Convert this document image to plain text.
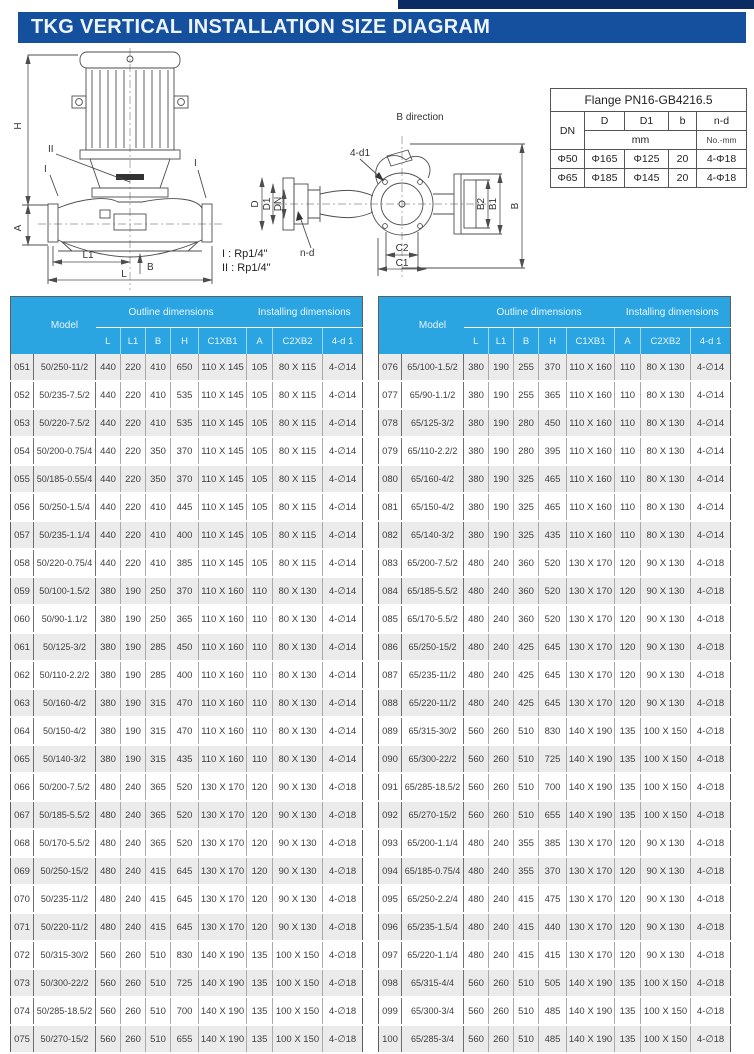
TKG VERTICAL INSTALLATION SIZE DIAGRAM
H
A
II
I
I
L1
L
B
B direction
D D1 DN
4-d1
n-d
B2 B1 B
C2
C1
I : Rp1/4"
II : Rp1/4"
Flange PN16-GB4216.5				
DN	D	D1	b	n-d
	mm			No.-mm
Φ50	Φ165	Φ125	20	4-Φ18
Φ65	Φ185	Φ145	20	4-Φ18
	Model	Outline dimensions					Installing dimensions		
		L	L1	B	H	C1XB1	A	C2XB2	4-d 1
051	50/250-11/2	440	220	410	650	110 X 145	105	80 X 115	4-∅14
052	50/235-7.5/2	440	220	410	535	110 X 145	105	80 X 115	4-∅14
053	50/220-7.5/2	440	220	410	535	110 X 145	105	80 X 115	4-∅14
054	50/200-0.75/4	440	220	350	370	110 X 145	105	80 X 115	4-∅14
055	50/185-0.55/4	440	220	350	370	110 X 145	105	80 X 115	4-∅14
056	50/250-1.5/4	440	220	410	445	110 X 145	105	80 X 115	4-∅14
057	50/235-1.1/4	440	220	410	400	110 X 145	105	80 X 115	4-∅14
058	50/220-0.75/4	440	220	410	385	110 X 145	105	80 X 115	4-∅14
059	50/100-1.5/2	380	190	250	370	110 X 160	110	80 X 130	4-∅14
060	50/90-1.1/2	380	190	250	365	110 X 160	110	80 X 130	4-∅14
061	50/125-3/2	380	190	285	450	110 X 160	110	80 X 130	4-∅14
062	50/110-2.2/2	380	190	285	400	110 X 160	110	80 X 130	4-∅14
063	50/160-4/2	380	190	315	470	110 X 160	110	80 X 130	4-∅14
064	50/150-4/2	380	190	315	470	110 X 160	110	80 X 130	4-∅14
065	50/140-3/2	380	190	315	435	110 X 160	110	80 X 130	4-∅14
066	50/200-7.5/2	480	240	365	520	130 X 170	120	90 X 130	4-∅18
067	50/185-5.5/2	480	240	365	520	130 X 170	120	90 X 130	4-∅18
068	50/170-5.5/2	480	240	365	520	130 X 170	120	90 X 130	4-∅18
069	50/250-15/2	480	240	415	645	130 X 170	120	90 X 130	4-∅18
070	50/235-11/2	480	240	415	645	130 X 170	120	90 X 130	4-∅18
071	50/220-11/2	480	240	415	645	130 X 170	120	90 X 130	4-∅18
072	50/315-30/2	560	260	510	830	140 X 190	135	100 X 150	4-∅18
073	50/300-22/2	560	260	510	725	140 X 190	135	100 X 150	4-∅18
074	50/285-18.5/2	560	260	510	700	140 X 190	135	100 X 150	4-∅18
075	50/270-15/2	560	260	510	655	140 X 190	135	100 X 150	4-∅18
	Model	Outline dimensions					Installing dimensions		
		L	L1	B	H	C1XB1	A	C2XB2	4-d 1
076	65/100-1.5/2	380	190	255	370	110 X 160	110	80 X 130	4-∅14
077	65/90-1.1/2	380	190	255	365	110 X 160	110	80 X 130	4-∅14
078	65/125-3/2	380	190	280	450	110 X 160	110	80 X 130	4-∅14
079	65/110-2.2/2	380	190	280	395	110 X 160	110	80 X 130	4-∅14
080	65/160-4/2	380	190	325	465	110 X 160	110	80 X 130	4-∅14
081	65/150-4/2	380	190	325	465	110 X 160	110	80 X 130	4-∅14
082	65/140-3/2	380	190	325	435	110 X 160	110	80 X 130	4-∅14
083	65/200-7.5/2	480	240	360	520	130 X 170	120	90 X 130	4-∅18
084	65/185-5.5/2	480	240	360	520	130 X 170	120	90 X 130	4-∅18
085	65/170-5.5/2	480	240	360	520	130 X 170	120	90 X 130	4-∅18
086	65/250-15/2	480	240	425	645	130 X 170	120	90 X 130	4-∅18
087	65/235-11/2	480	240	425	645	130 X 170	120	90 X 130	4-∅18
088	65/220-11/2	480	240	425	645	130 X 170	120	90 X 130	4-∅18
089	65/315-30/2	560	260	510	830	140 X 190	135	100 X 150	4-∅18
090	65/300-22/2	560	260	510	725	140 X 190	135	100 X 150	4-∅18
091	65/285-18.5/2	560	260	510	700	140 X 190	135	100 X 150	4-∅18
092	65/270-15/2	560	260	510	655	140 X 190	135	100 X 150	4-∅18
093	65/200-1.1/4	480	240	355	385	130 X 170	120	90 X 130	4-∅18
094	65/185-0.75/4	480	240	355	370	130 X 170	120	90 X 130	4-∅18
095	65/250-2.2/4	480	240	415	475	130 X 170	120	90 X 130	4-∅18
096	65/235-1.5/4	480	240	415	440	130 X 170	120	90 X 130	4-∅18
097	65/220-1.1/4	480	240	415	415	130 X 170	120	90 X 130	4-∅18
098	65/315-4/4	560	260	510	505	140 X 190	135	100 X 150	4-∅18
099	65/300-3/4	560	260	510	485	140 X 190	135	100 X 150	4-∅18
100	65/285-3/4	560	260	510	485	140 X 190	135	100 X 150	4-∅18
